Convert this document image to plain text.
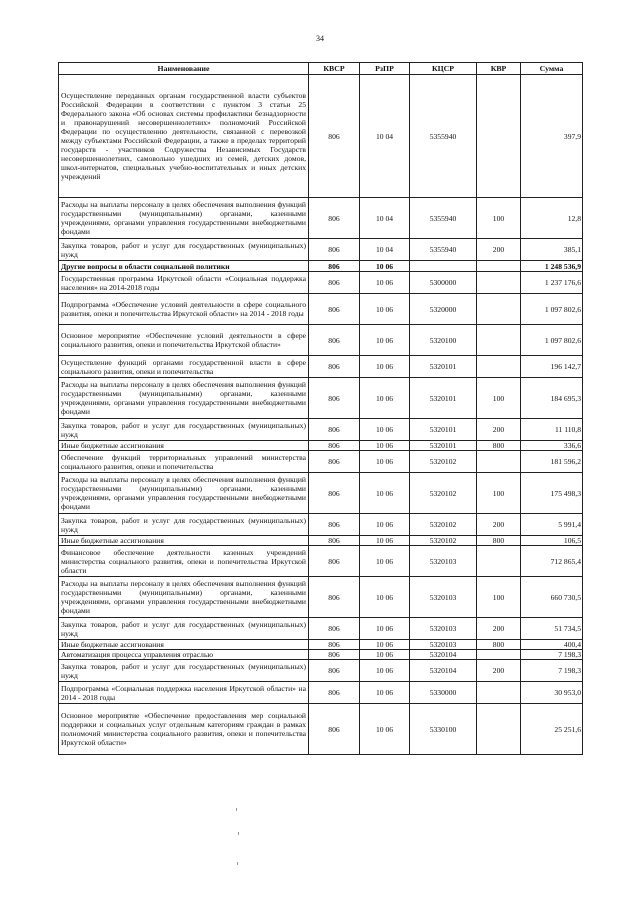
34
Наименование	КВСР	РзПР	КЦСР	КВР	Сумма
Осуществление переданных органам государственной власти субъектов Российской Федерации в соответствии с пунктом 3 статьи 25 Федерального закона «Об основах системы профилактики безнадзорности и правонарушений несовершеннолетних» полномочий Российской Федерации по осуществлению деятельности, связанной с перевозкой между субъектами Российской Федерации, а также в пределах территорий государств - участников Содружества Независимых Государств несовершеннолетних, самовольно ушедших из семей, детских домов, школ-интернатов, специальных учебно-воспитательных и иных детских учреждений	806	10 04	5355940		397,9
Расходы на выплаты персоналу в целях обеспечения выполнения функций государственными (муниципальными) органами, казенными учреждениями, органами управления государственными внебюджетными фондами	806	10 04	5355940	100	12,8
Закупка товаров, работ и услуг для государственных (муниципальных) нужд	806	10 04	5355940	200	385,1
Другие вопросы в области социальной политики	806	10 06			1 248 536,9
Государственная программа Иркутской области «Социальная поддержка населения» на 2014-2018 годы	806	10 06	5300000		1 237 176,6
Подпрограмма «Обеспечение условий деятельности в сфере социального развития, опеки и попечительства Иркутской области» на 2014 - 2018 годы	806	10 06	5320000		1 097 802,6
Основное мероприятие «Обеспечение условий деятельности в сфере социального развития, опеки и попечительства Иркутской области»	806	10 06	5320100		1 097 802,6
Осуществление функций органами государственной власти в сфере социального развития, опеки и попечительства	806	10 06	5320101		196 142,7
Расходы на выплаты персоналу в целях обеспечения выполнения функций государственными (муниципальными) органами, казенными учреждениями, органами управления государственными внебюджетными фондами	806	10 06	5320101	100	184 695,3
Закупка товаров, работ и услуг для государственных (муниципальных) нужд	806	10 06	5320101	200	11 110,8
Иные бюджетные ассигнования	806	10 06	5320101	800	336,6
Обеспечение функций территориальных управлений министерства социального развития, опеки и попечительства	806	10 06	5320102		181 596,2
Расходы на выплаты персоналу в целях обеспечения выполнения функций государственными (муниципальными) органами, казенными учреждениями, органами управления государственными внебюджетными фондами	806	10 06	5320102	100	175 498,3
Закупка товаров, работ и услуг для государственных (муниципальных) нужд	806	10 06	5320102	200	5 991,4
Иные бюджетные ассигнования	806	10 06	5320102	800	106,5
Финансовое обеспечение деятельности казенных учреждений министерства социального развития, опеки и попечительства Иркутской области	806	10 06	5320103		712 865,4
Расходы на выплаты персоналу в целях обеспечения выполнения функций государственными (муниципальными) органами, казенными учреждениями, органами управления государственными внебюджетными фондами	806	10 06	5320103	100	660 730,5
Закупка товаров, работ и услуг для государственных (муниципальных) нужд	806	10 06	5320103	200	51 734,5
Иные бюджетные ассигнования	806	10 06	5320103	800	400,4
Автоматизация процесса управления отраслью	806	10 06	5320104		7 198,3
Закупка товаров, работ и услуг для государственных (муниципальных) нужд	806	10 06	5320104	200	7 198,3
Подпрограмма «Социальная поддержка населения Иркутской области» на 2014 - 2018 годы	806	10 06	5330000		30 953,0
Основное мероприятие «Обеспечение предоставления мер социальной поддержки и социальных услуг отдельным категориям граждан в рамках полномочий министерства социального развития, опеки и попечительства Иркутской области»	806	10 06	5330100		25 251,6
